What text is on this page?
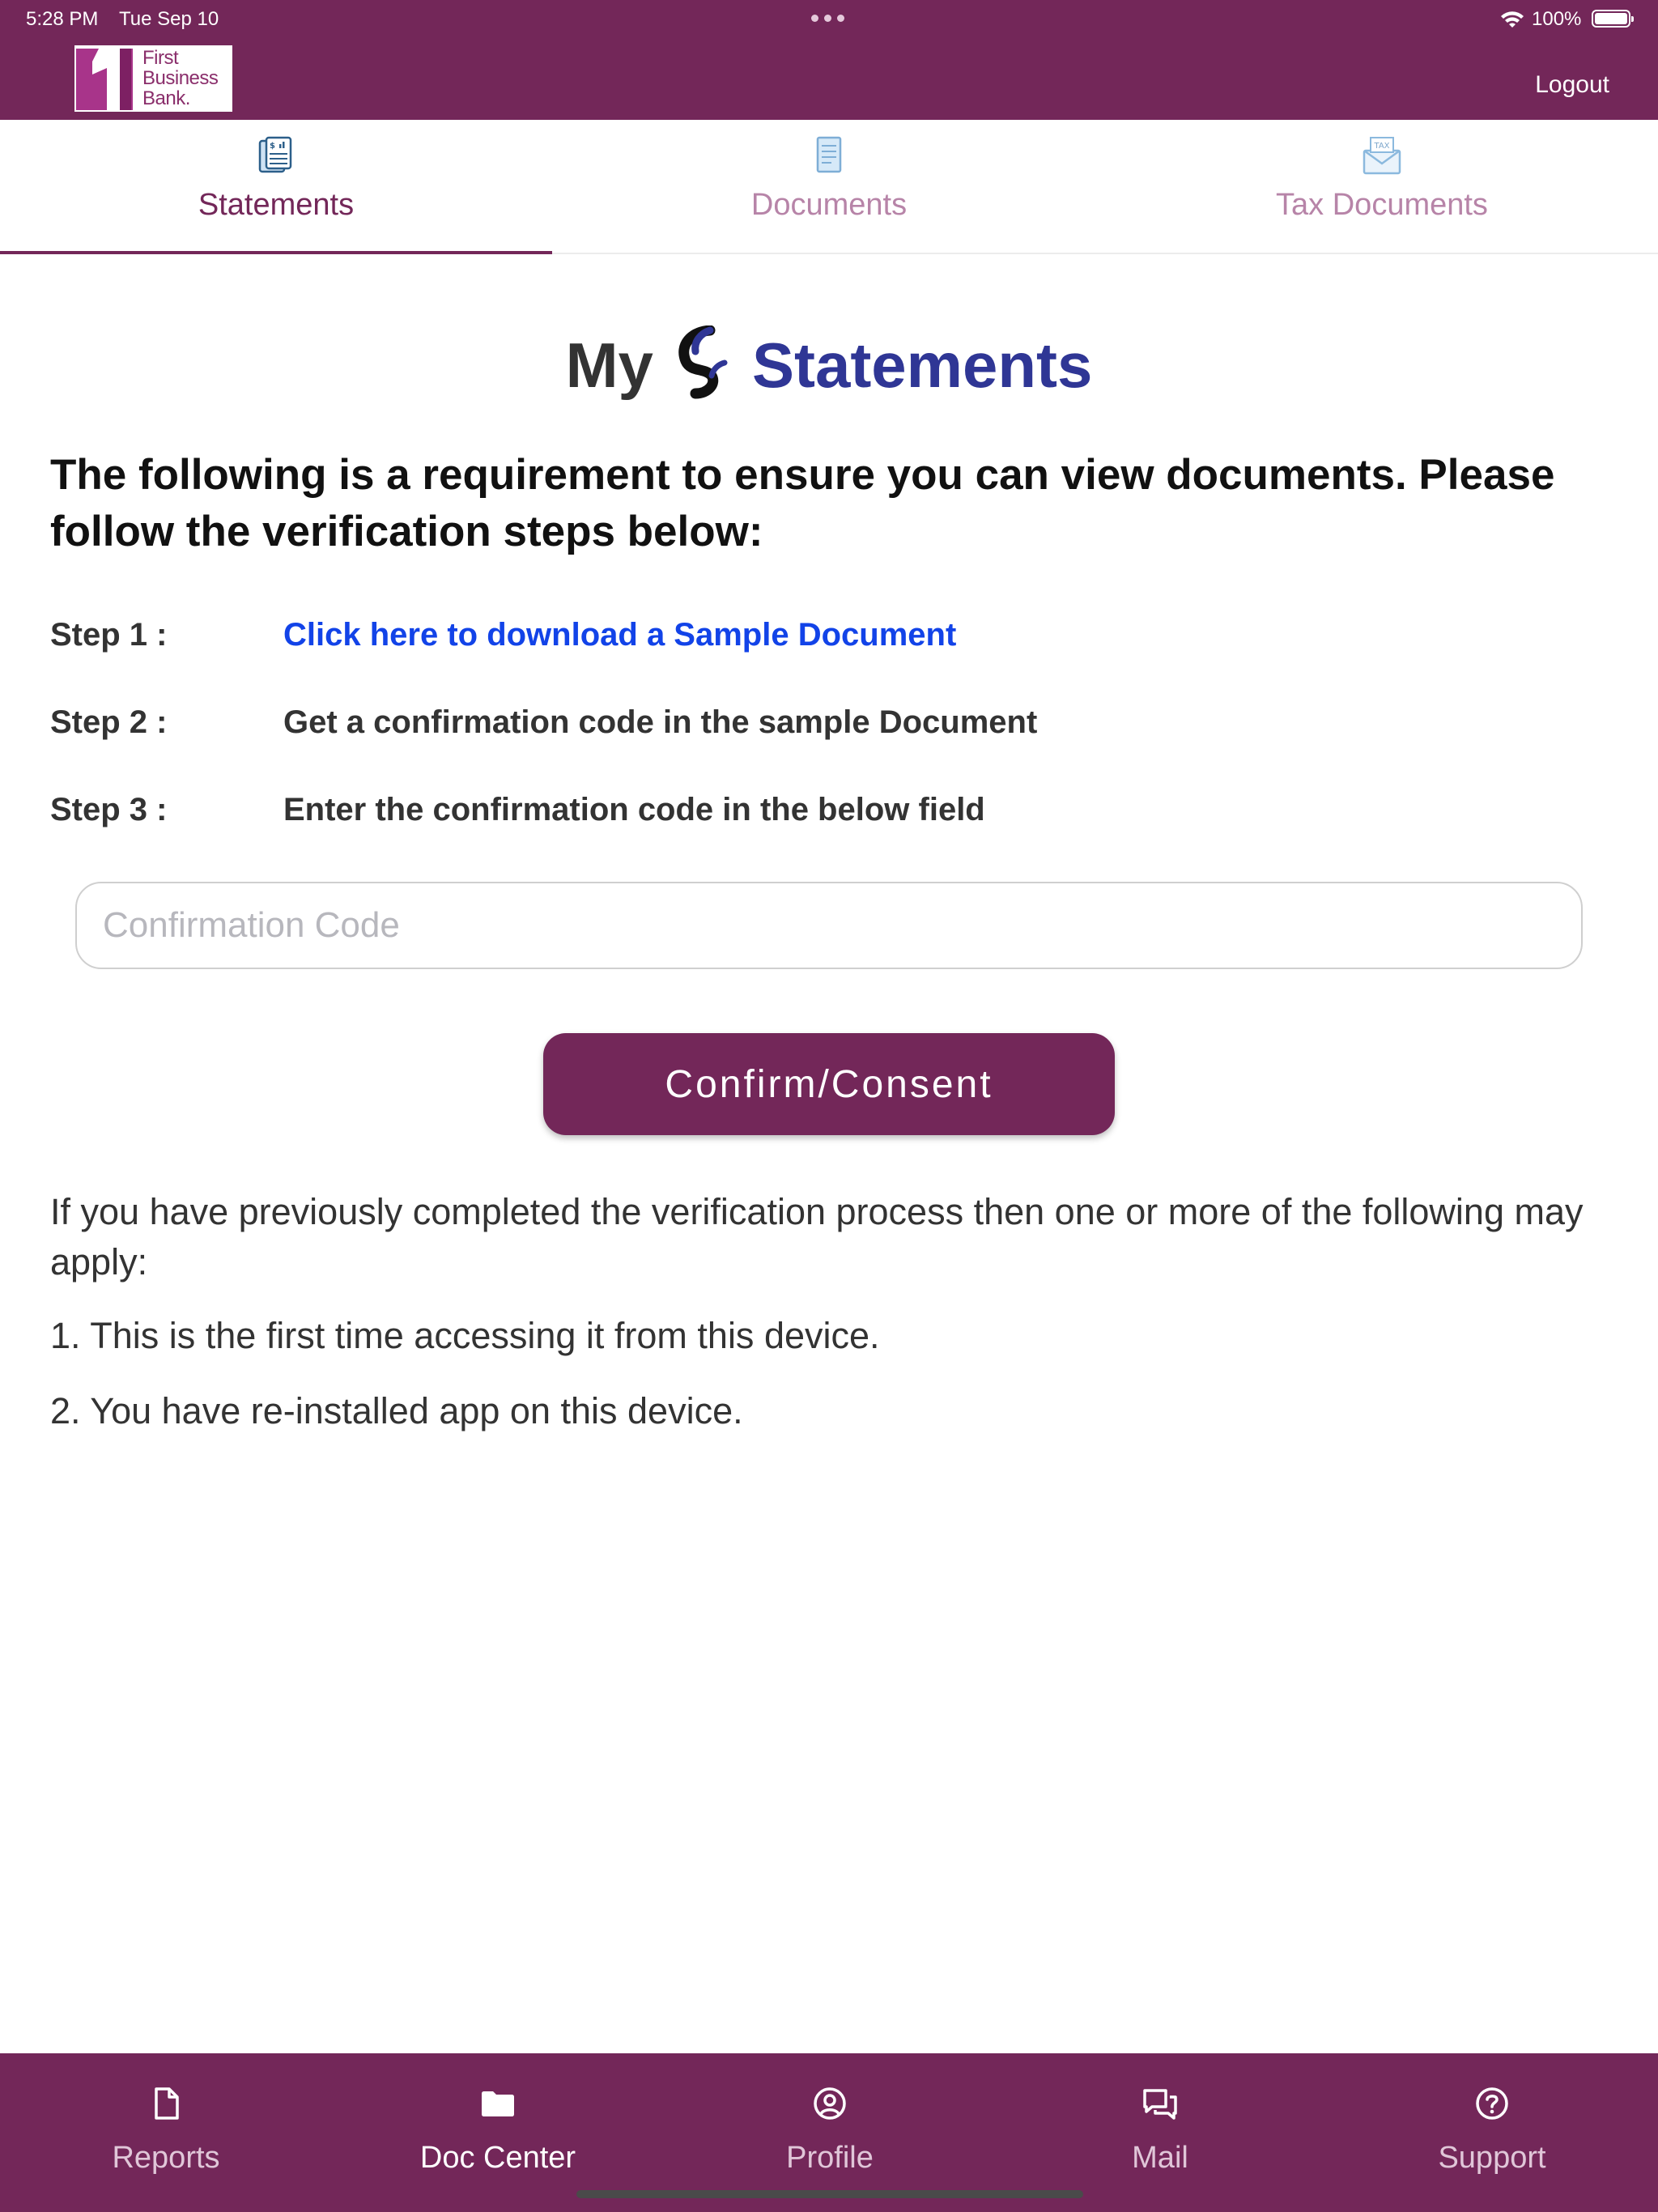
5:28 PM Tue Sep 10	100%
First
Business
Bank.
Logout
$
Statements	Documents
TAX
Tax Documents
My Statements
The following is a requirement to ensure you can view documents. Please follow the verification steps below:
Step 1 :	Click here to download a Sample Document
Step 2 :	Get a confirmation code in the sample Document
Step 3 :	Enter the confirmation code in the below field
Confirmation Code
Confirm/Consent
If you have previously completed the verification process then one or more of the following may apply:
1. This is the first time accessing it from this device.
2. You have re-installed app on this device.
Reports	Doc Center	Profile	Mail	Support
